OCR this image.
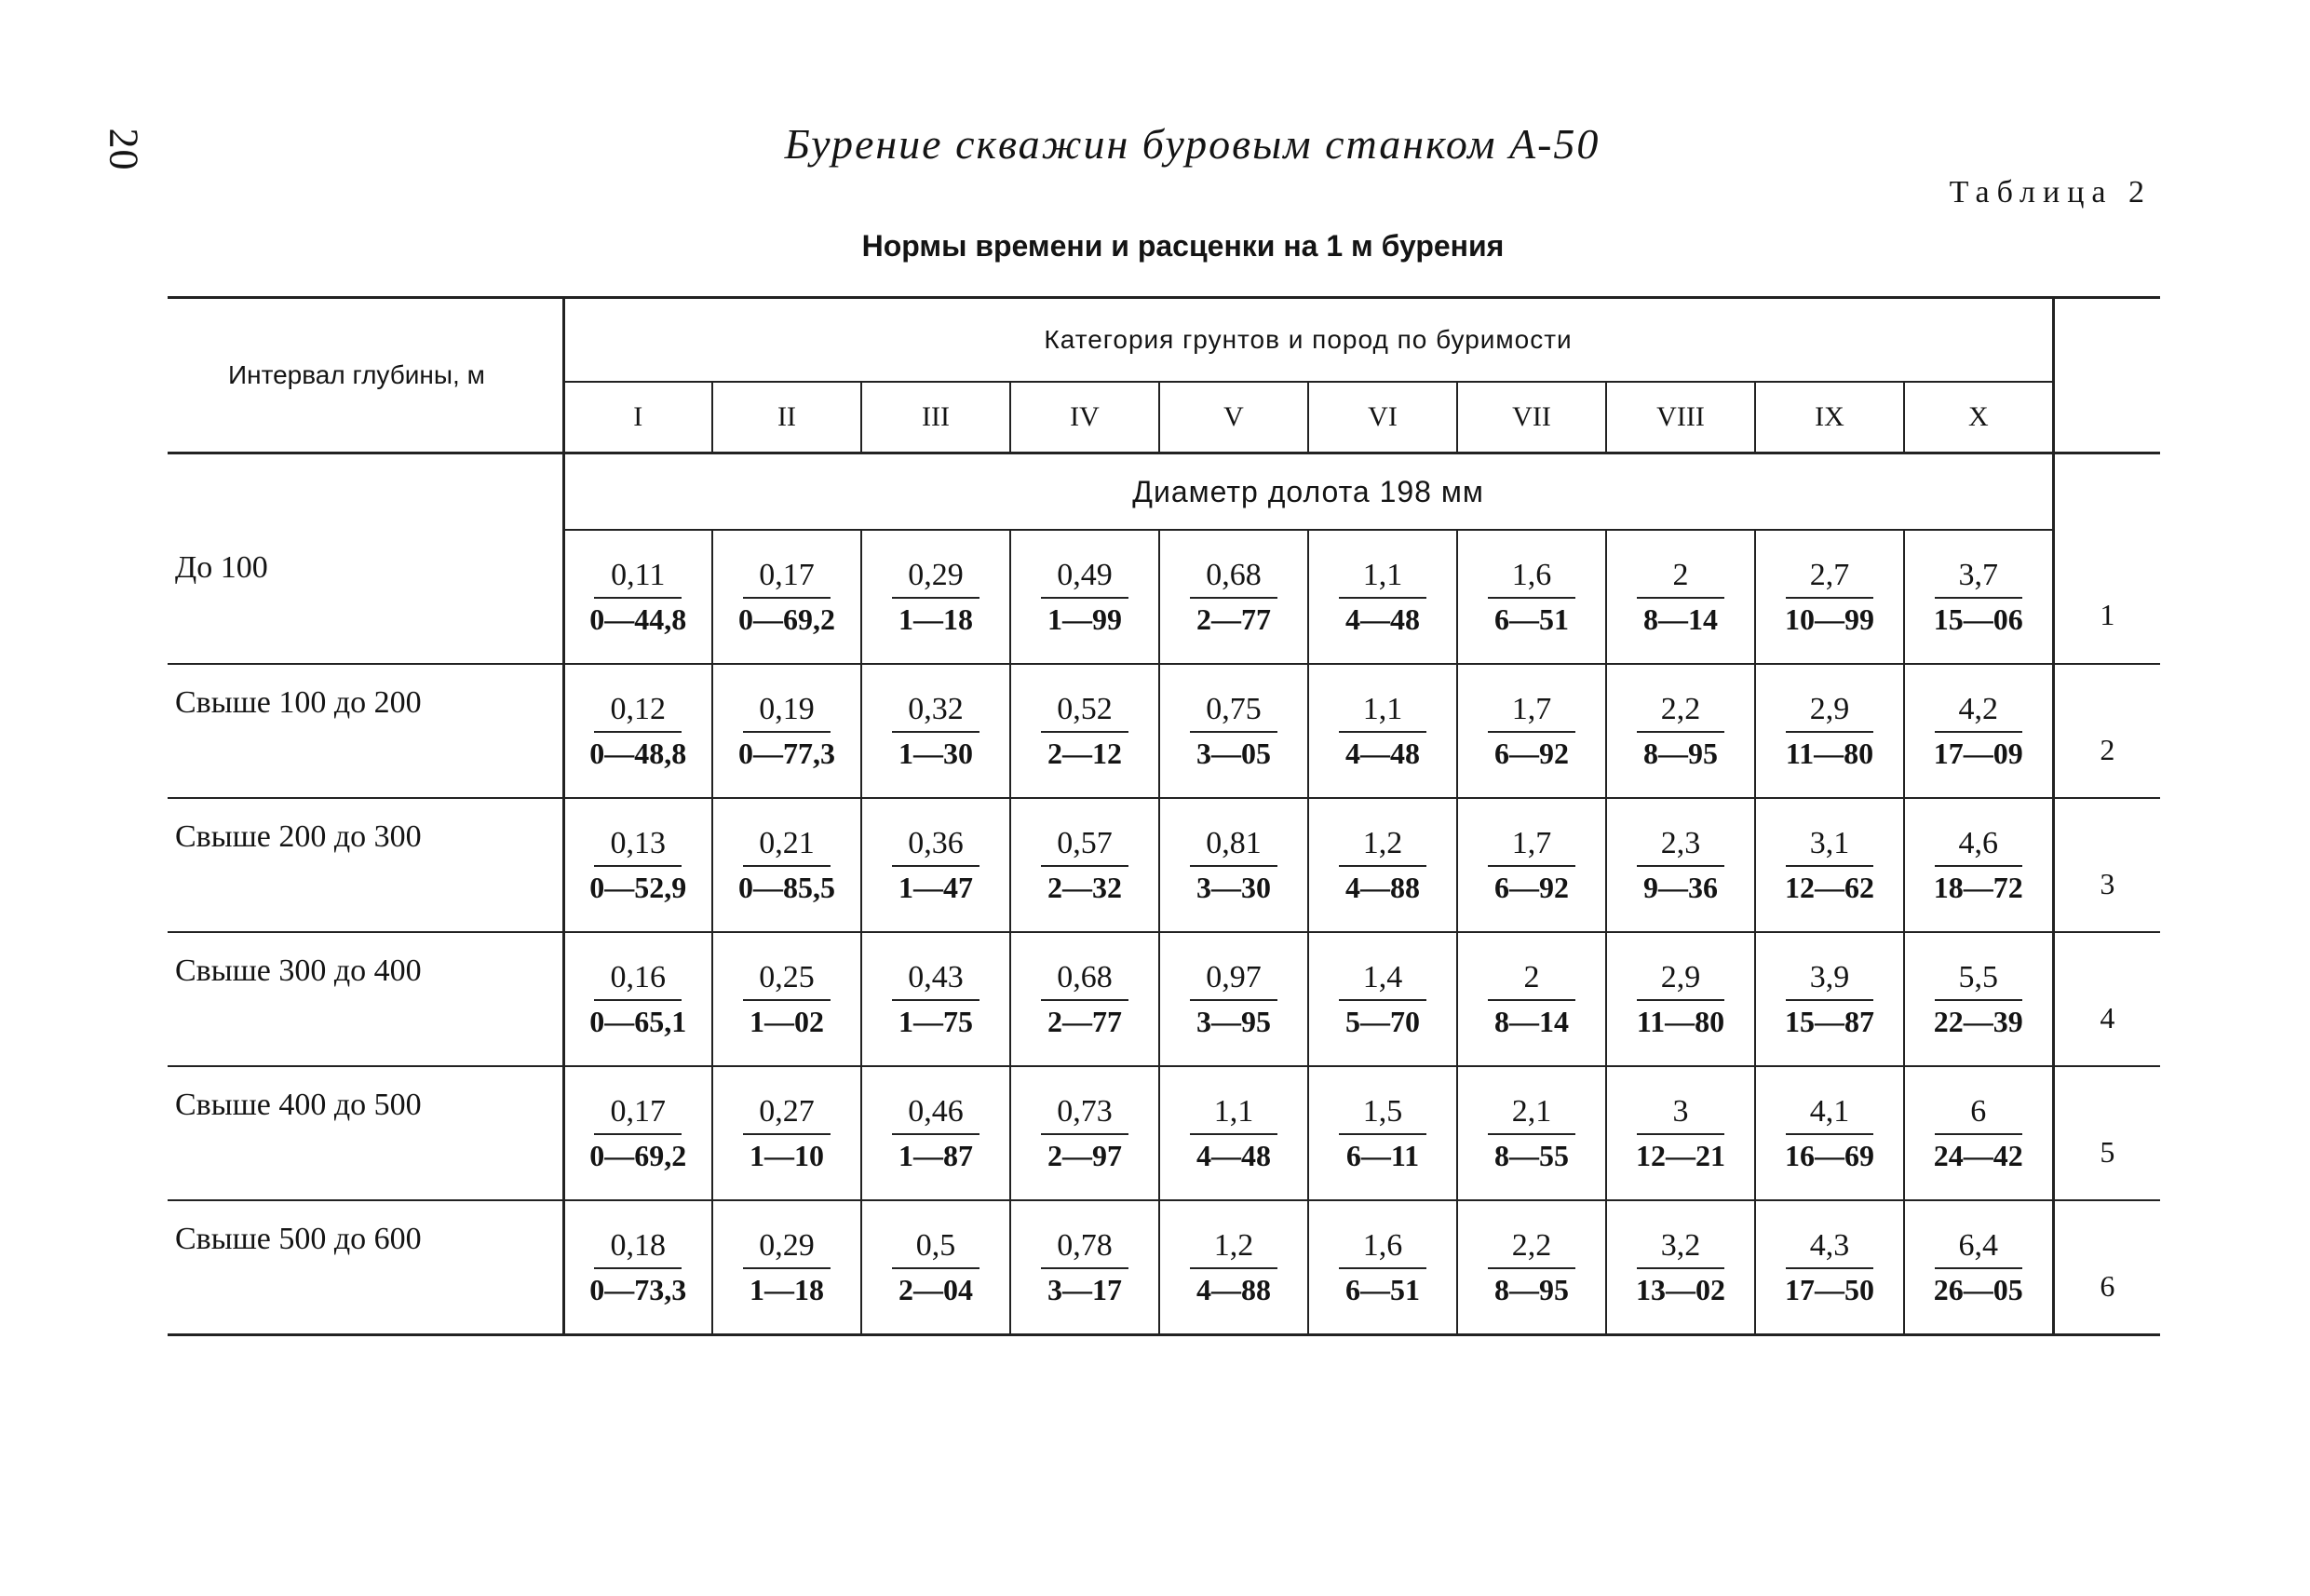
20	Бурение скважин буровым станком А-50
Таблица 2
Нормы времени и расценки на 1 м бурения
Интервал глубины, м	Категория грунтов и пород по буримости										
	I	II	III	IV	V	VI	VII	VIII	IX	X	
	Диаметр долота 198 мм										
До 100	$\frac{0,11}{0—44,8}$	$\frac{0,17}{0—69,2}$	$\frac{0,29}{1—18}$	$\frac{0,49}{1—99}$	$\frac{0,68}{2—77}$	$\frac{1,1}{4—48}$	$\frac{1,6}{6—51}$	$\frac{2}{8—14}$	$\frac{2,7}{10—99}$	$\frac{3,7}{15—06}$	1
Свыше 100 до 200	$\frac{0,12}{0—48,8}$	$\frac{0,19}{0—77,3}$	$\frac{0,32}{1—30}$	$\frac{0,52}{2—12}$	$\frac{0,75}{3—05}$	$\frac{1,1}{4—48}$	$\frac{1,7}{6—92}$	$\frac{2,2}{8—95}$	$\frac{2,9}{11—80}$	$\frac{4,2}{17—09}$	2
Свыше 200 до 300	$\frac{0,13}{0—52,9}$	$\frac{0,21}{0—85,5}$	$\frac{0,36}{1—47}$	$\frac{0,57}{2—32}$	$\frac{0,81}{3—30}$	$\frac{1,2}{4—88}$	$\frac{1,7}{6—92}$	$\frac{2,3}{9—36}$	$\frac{3,1}{12—62}$	$\frac{4,6}{18—72}$	3
Свыше 300 до 400	$\frac{0,16}{0—65,1}$	$\frac{0,25}{1—02}$	$\frac{0,43}{1—75}$	$\frac{0,68}{2—77}$	$\frac{0,97}{3—95}$	$\frac{1,4}{5—70}$	$\frac{2}{8—14}$	$\frac{2,9}{11—80}$	$\frac{3,9}{15—87}$	$\frac{5,5}{22—39}$	4
Свыше 400 до 500	$\frac{0,17}{0—69,2}$	$\frac{0,27}{1—10}$	$\frac{0,46}{1—87}$	$\frac{0,73}{2—97}$	$\frac{1,1}{4—48}$	$\frac{1,5}{6—11}$	$\frac{2,1}{8—55}$	$\frac{3}{12—21}$	$\frac{4,1}{16—69}$	$\frac{6}{24—42}$	5
Свыше 500 до 600	$\frac{0,18}{0—73,3}$	$\frac{0,29}{1—18}$	$\frac{0,5}{2—04}$	$\frac{0,78}{3—17}$	$\frac{1,2}{4—88}$	$\frac{1,6}{6—51}$	$\frac{2,2}{8—95}$	$\frac{3,2}{13—02}$	$\frac{4,3}{17—50}$	$\frac{6,4}{26—05}$	6
